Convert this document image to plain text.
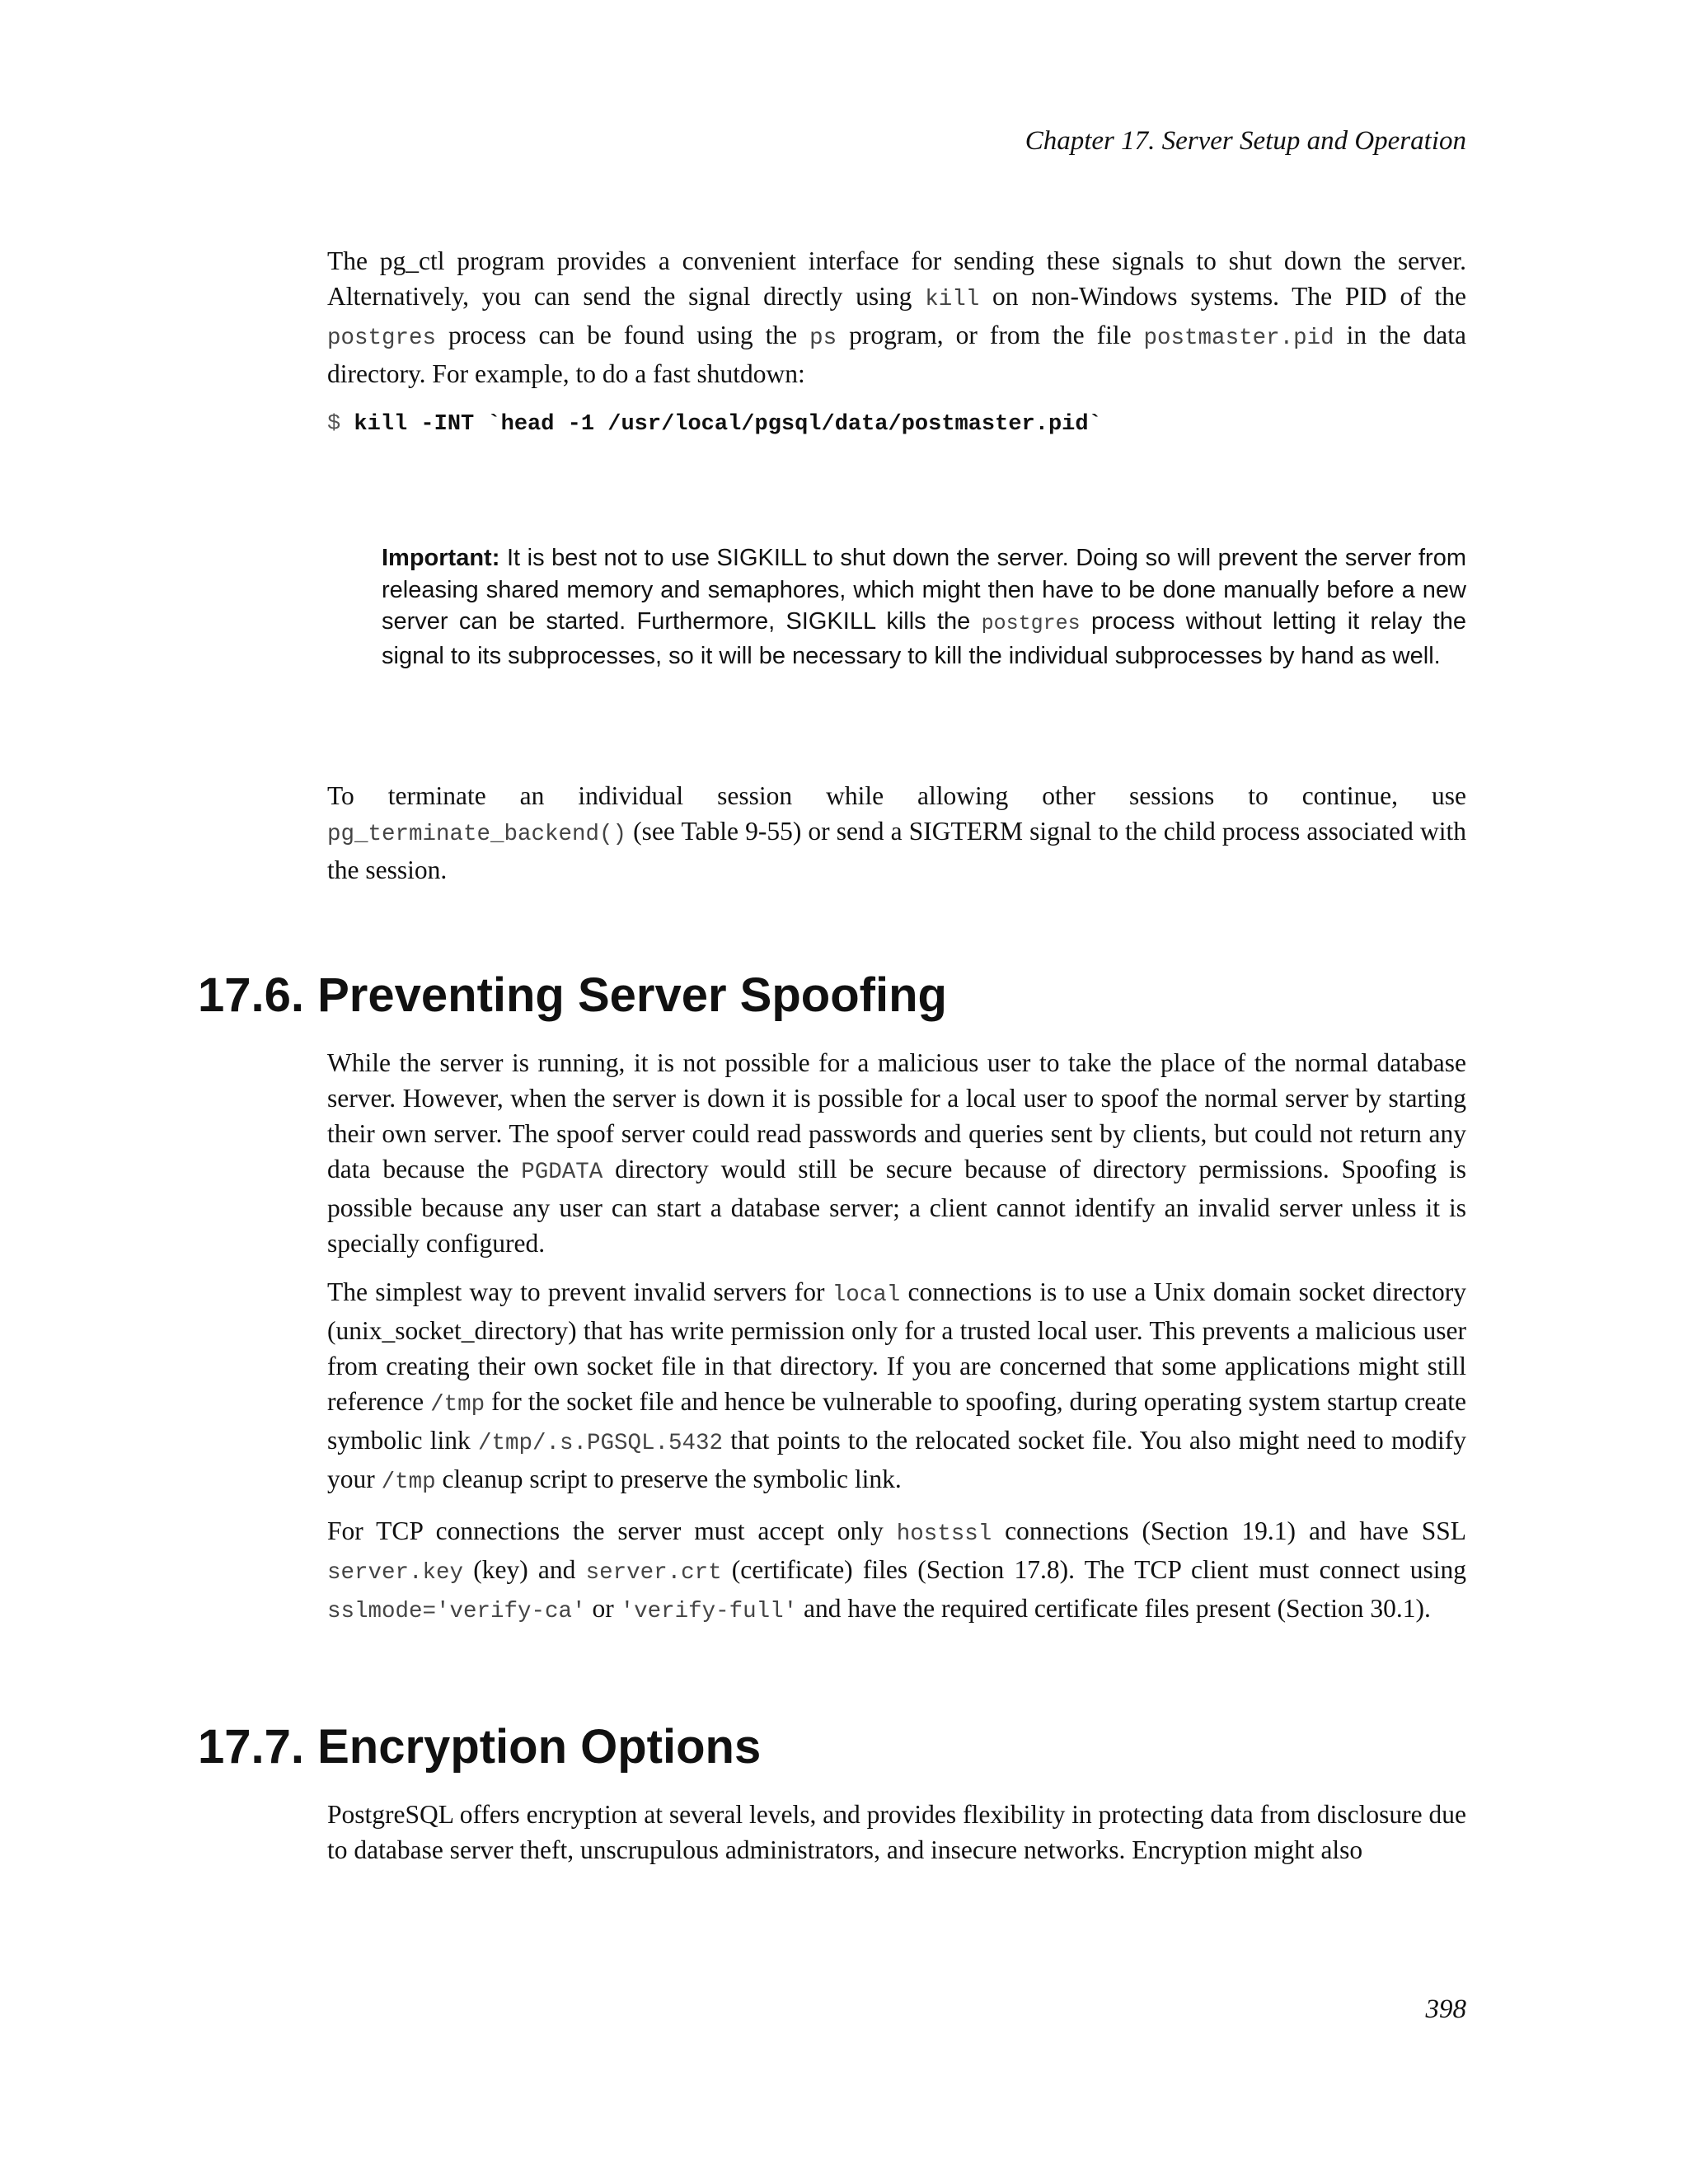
Chapter 17. Server Setup and Operation

The pg_ctl program provides a convenient interface for sending these signals to shut down the server. Alternatively, you can send the signal directly using kill on non-Windows systems. The PID of the postgres process can be found using the ps program, or from the file postmaster.pid in the data directory. For example, to do a fast shutdown:

$ kill -INT `head -1 /usr/local/pgsql/data/postmaster.pid`
Important: It is best not to use SIGKILL to shut down the server. Doing so will prevent the server from releasing shared memory and semaphores, which might then have to be done manually before a new server can be started. Furthermore, SIGKILL kills the postgres process without letting it relay the signal to its subprocesses, so it will be necessary to kill the individual subprocesses by hand as well.

To terminate an individual session while allowing other sessions to continue, use pg_terminate_backend() (see Table 9-55) or send a SIGTERM signal to the child process associated with the session.

17.6. Preventing Server Spoofing

While the server is running, it is not possible for a malicious user to take the place of the normal database server. However, when the server is down it is possible for a local user to spoof the normal server by starting their own server. The spoof server could read passwords and queries sent by clients, but could not return any data because the PGDATA directory would still be secure because of directory permissions. Spoofing is possible because any user can start a database server; a client cannot identify an invalid server unless it is specially configured.

The simplest way to prevent invalid servers for local connections is to use a Unix domain socket directory (unix_socket_directory) that has write permission only for a trusted local user. This prevents a malicious user from creating their own socket file in that directory. If you are concerned that some applications might still reference /tmp for the socket file and hence be vulnerable to spoofing, during operating system startup create symbolic link /tmp/.s.PGSQL.5432 that points to the relocated socket file. You also might need to modify your /tmp cleanup script to preserve the symbolic link.

For TCP connections the server must accept only hostssl connections (Section 19.1) and have SSL server.key (key) and server.crt (certificate) files (Section 17.8). The TCP client must connect using sslmode='verify-ca' or 'verify-full' and have the required certificate files present (Section 30.1).

17.7. Encryption Options

PostgreSQL offers encryption at several levels, and provides flexibility in protecting data from disclosure due to database server theft, unscrupulous administrators, and insecure networks. Encryption might also

398
